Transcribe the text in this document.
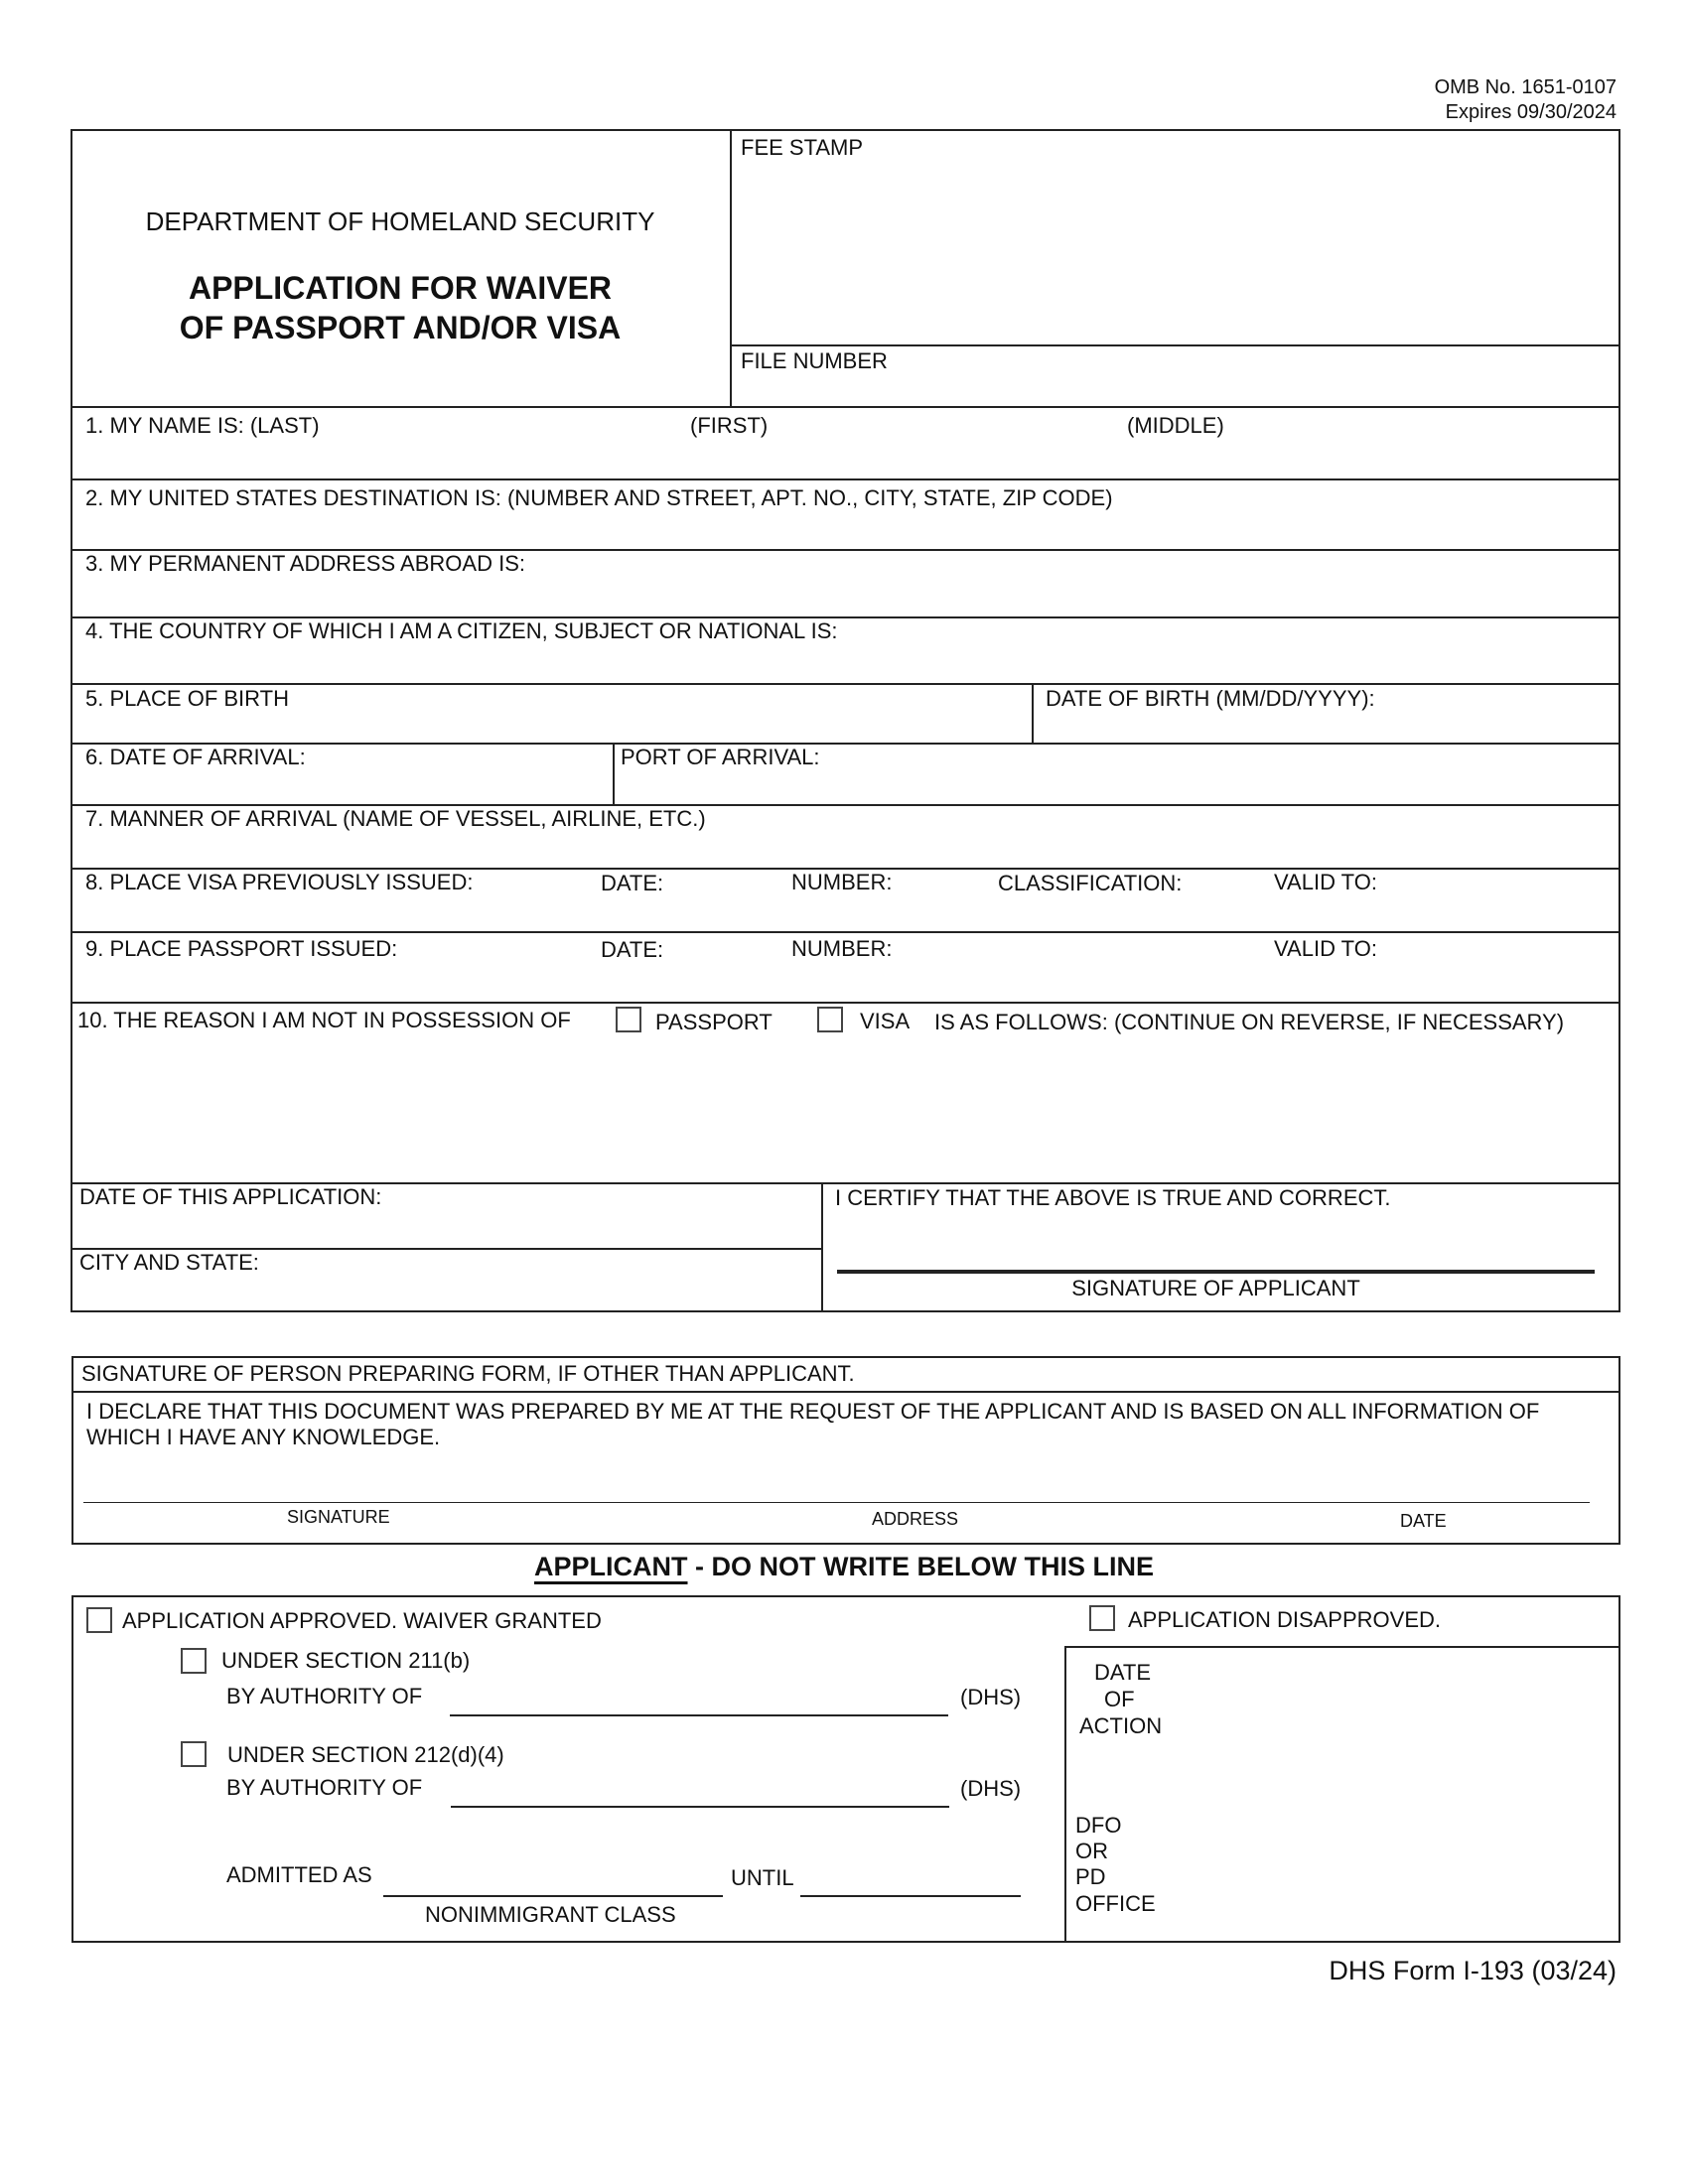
OMB No. 1651-0107
Expires 09/30/2024
DEPARTMENT OF HOMELAND SECURITY
APPLICATION FOR WAIVER
OF PASSPORT AND/OR VISA
FEE STAMP
FILE NUMBER
1. MY NAME IS: (LAST)	(FIRST)	(MIDDLE)
2. MY UNITED STATES DESTINATION IS: (NUMBER AND STREET, APT. NO., CITY, STATE, ZIP CODE)
3. MY PERMANENT ADDRESS ABROAD IS:
4. THE COUNTRY OF WHICH I AM A CITIZEN, SUBJECT OR NATIONAL IS:
5. PLACE OF BIRTH	DATE OF BIRTH (MM/DD/YYYY):
6. DATE OF ARRIVAL:	PORT OF ARRIVAL:
7. MANNER OF ARRIVAL (NAME OF VESSEL, AIRLINE, ETC.)
8. PLACE VISA PREVIOUSLY ISSUED:	DATE:	NUMBER:	CLASSIFICATION:	VALID TO:
9. PLACE PASSPORT ISSUED:	DATE:	NUMBER:	VALID TO:
10. THE REASON I AM NOT IN POSSESSION OF	PASSPORT	VISA IS AS FOLLOWS: (CONTINUE ON REVERSE, IF NECESSARY)
DATE OF THIS APPLICATION:
CITY AND STATE:
I CERTIFY THAT THE ABOVE IS TRUE AND CORRECT.
SIGNATURE OF APPLICANT
SIGNATURE OF PERSON PREPARING FORM, IF OTHER THAN APPLICANT.
I DECLARE THAT THIS DOCUMENT WAS PREPARED BY ME AT THE REQUEST OF THE APPLICANT AND IS BASED ON ALL INFORMATION OF
WHICH I HAVE ANY KNOWLEDGE.
SIGNATURE	ADDRESS	DATE
APPLICANT - DO NOT WRITE BELOW THIS LINE
APPLICATION APPROVED. WAIVER GRANTED	APPLICATION DISAPPROVED.
UNDER SECTION 211(b)
BY AUTHORITY OF	(DHS)
UNDER SECTION 212(d)(4)
BY AUTHORITY OF	(DHS)
ADMITTED AS
NONIMMIGRANT CLASS
UNTIL
DATE
OF
ACTION
DFO
OR
PD
OFFICE
DHS Form I-193 (03/24)
